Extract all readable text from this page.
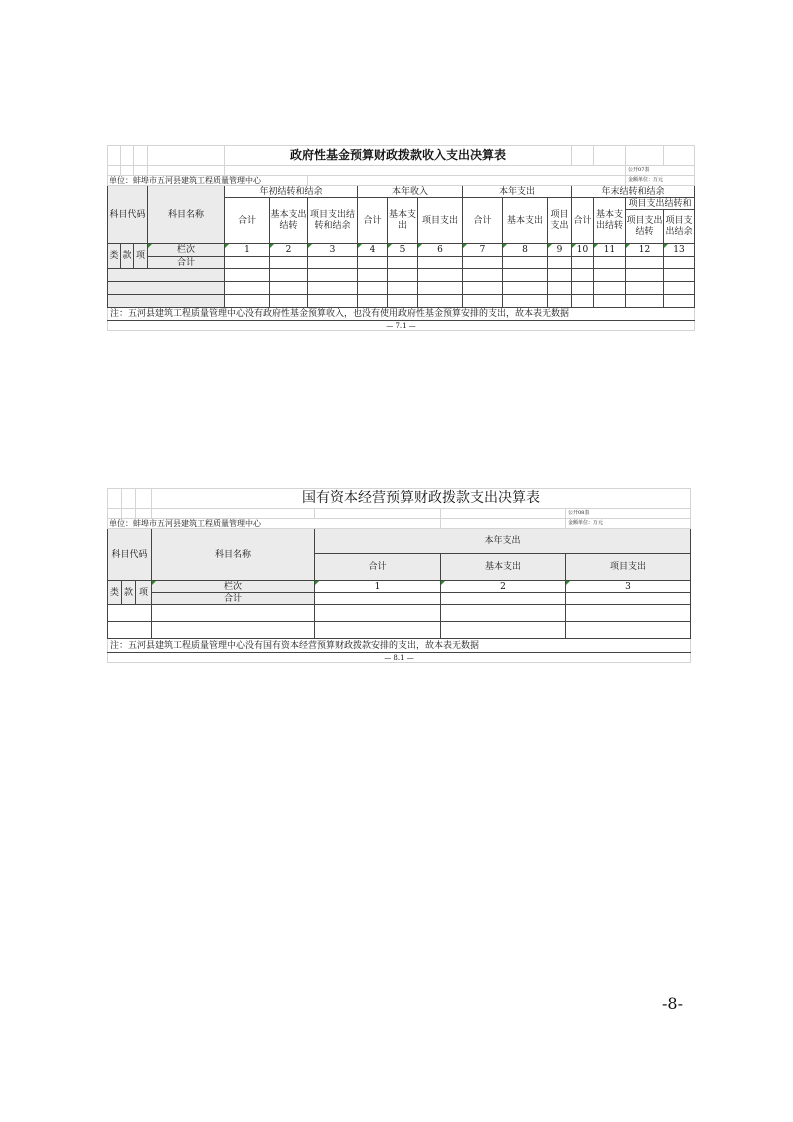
				政府性基金预算财政拨款收入支出决算表												
															公开07表	
单位：蚌埠市五河县建筑工程质量管理中心															金额单位：万元	
科目代码			科目名称	年初结转和结余			本年收入			本年支出			年末结转和结余			
				合计	基本支出结转	项目支出结转和结余	合计	基本支出	项目支出	合计	基本支出	项目支出	合计	基本支出结转	项目支出结转和	
															项目支出结转	项目支出结余
类	款	项	栏次	1	2	3	4	5	6	7	8	9	10	11	12	13
			合计													

注：五河县建筑工程质量管理中心没有政府性基金预算收入，也没有使用政府性基金预算安排的支出，故本表无数据																
— 7.1 —																
			国有资本经营预算财政拨款支出决算表			
						公开08表
单位：蚌埠市五河县建筑工程质量管理中心						金额单位：万元
科目代码			科目名称	本年支出		
				合计	基本支出	项目支出
类	款	项	栏次	1	2	3
			合计			

注：五河县建筑工程质量管理中心没有国有资本经营预算财政拨款安排的支出，故本表无数据						
— 8.1 —						
-8-
